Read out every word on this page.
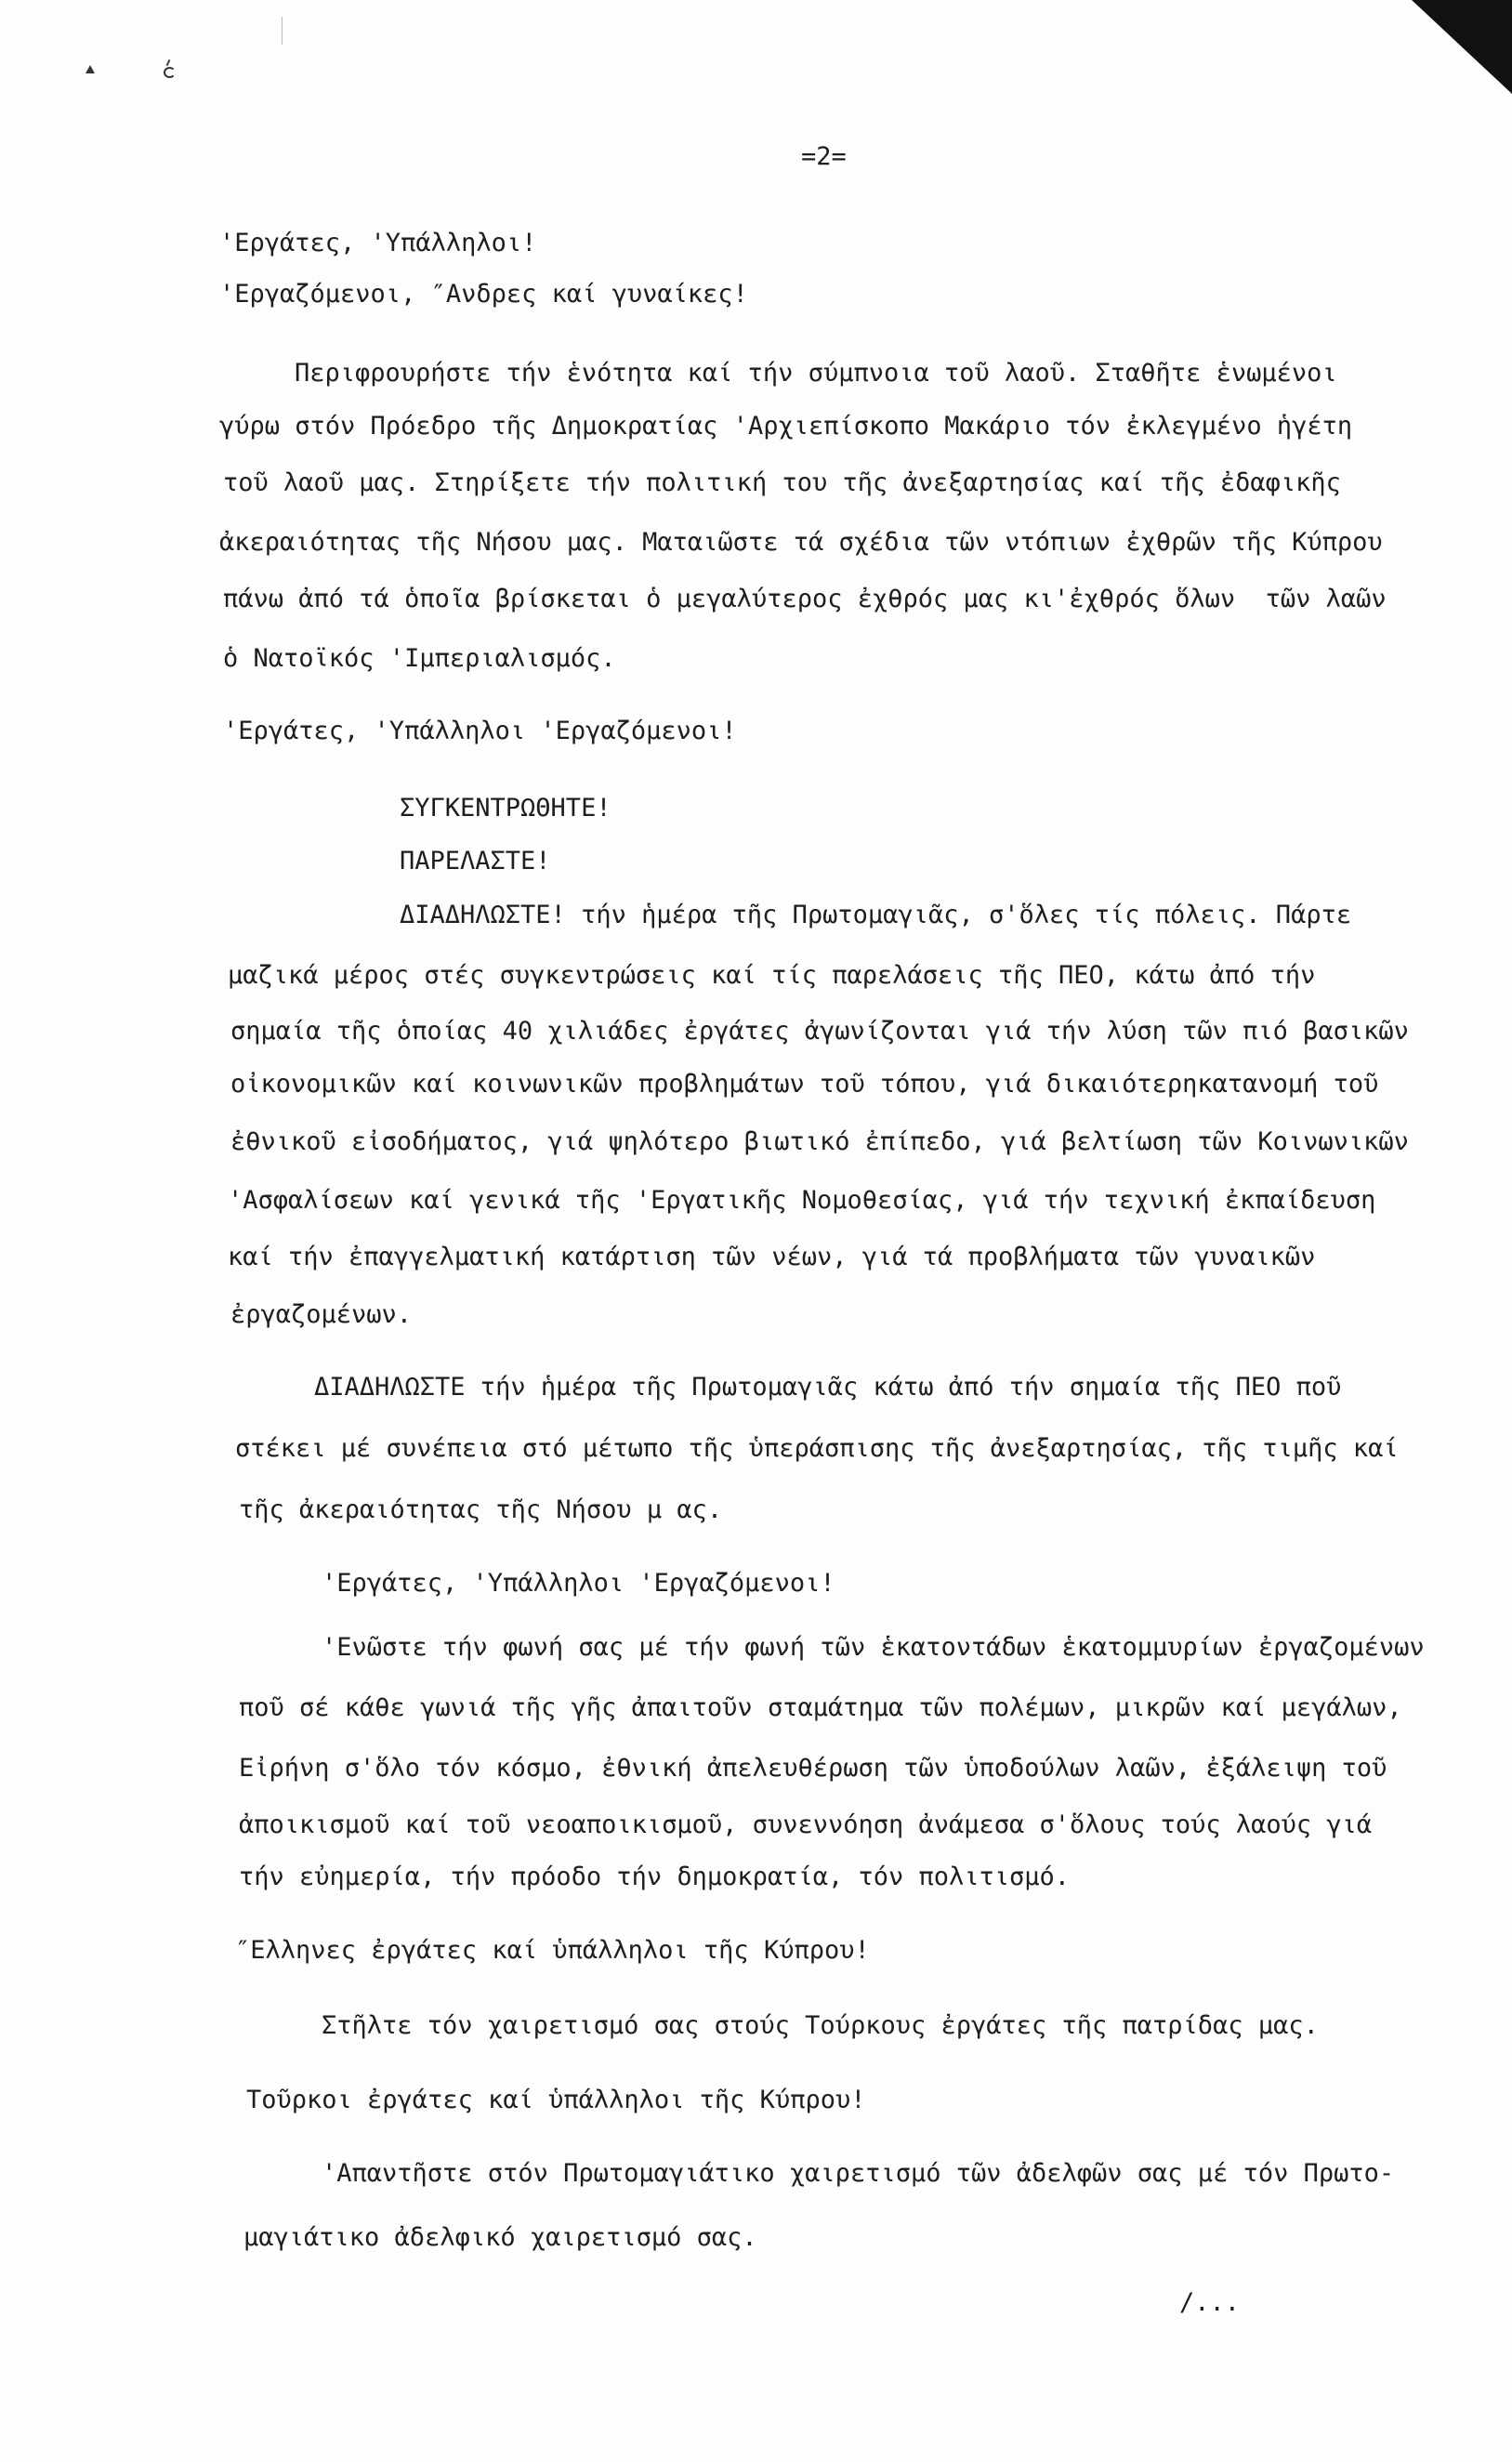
=2=
'Εργάτες, 'Υπάλληλοι!
'Εργαζόμενοι, ″Ανδρες καί γυναίκες!
Περιφρουρήστε τήν ἑνότητα καί τήν σύμπνοια τοῦ λαοῦ. Σταθῆτε ἑνωμένοι
γύρω στόν Πρόεδρο τῆς Δημοκρατίας 'Αρχιεπίσκοπο Μακάριο τόν ἐκλεγμένο ἡγέτη
τοῦ λαοῦ μας. Στηρίξετε τήν πολιτική του τῆς ἀνεξαρτησίας καί τῆς ἐδαφικῆς
ἀκεραιότητας τῆς Νήσου μας. Ματαιῶστε τά σχέδια τῶν ντόπιων ἐχθρῶν τῆς Κύπρου
πάνω ἀπό τά ὁποῖα βρίσκεται ὁ μεγαλύτερος ἐχθρός μας κι'ἐχθρός ὅλων  τῶν λαῶν
ὁ Νατοϊκός 'Ιμπεριαλισμός.
'Εργάτες, 'Υπάλληλοι 'Εργαζόμενοι!
ΣΥΓΚΕΝΤΡΩΘΗΤΕ!
ΠΑΡΕΛΑΣΤΕ!
ΔΙΑΔΗΛΩΣΤΕ! τήν ἡμέρα τῆς Πρωτομαγιᾶς, σ'ὅλες τίς πόλεις. Πάρτε
μαζικά μέρος στές συγκεντρώσεις καί τίς παρελάσεις τῆς ΠΕΟ, κάτω ἀπό τήν
σημαία τῆς ὁποίας 40 χιλιάδες ἐργάτες ἀγωνίζονται γιά τήν λύση τῶν πιό βασικῶν
οἰκονομικῶν καί κοινωνικῶν προβλημάτων τοῦ τόπου, γιά δικαιότερηκατανομή τοῦ
ἐθνικοῦ εἰσοδήματος, γιά ψηλότερο βιωτικό ἐπίπεδο, γιά βελτίωση τῶν Κοινωνικῶν
'Ασφαλίσεων καί γενικά τῆς 'Εργατικῆς Νομοθεσίας, γιά τήν τεχνική ἐκπαίδευση
καί τήν ἐπαγγελματική κατάρτιση τῶν νέων, γιά τά προβλήματα τῶν γυναικῶν
ἐργαζομένων.
ΔΙΑΔΗΛΩΣΤΕ τήν ἡμέρα τῆς Πρωτομαγιᾶς κάτω ἀπό τήν σημαία τῆς ΠΕΟ ποῦ
στέκει μέ συνέπεια στό μέτωπο τῆς ὑπεράσπισης τῆς ἀνεξαρτησίας, τῆς τιμῆς καί
τῆς ἀκεραιότητας τῆς Νήσου μ ας.
'Εργάτες, 'Υπάλληλοι 'Εργαζόμενοι!
'Ενῶστε τήν φωνή σας μέ τήν φωνή τῶν ἑκατοντάδων ἑκατομμυρίων ἐργαζομένων
ποῦ σέ κάθε γωνιά τῆς γῆς ἀπαιτοῦν σταμάτημα τῶν πολέμων, μικρῶν καί μεγάλων,
Εἰρήνη σ'ὅλο τόν κόσμο, ἐθνική ἀπελευθέρωση τῶν ὑποδούλων λαῶν, ἐξάλειψη τοῦ
ἀποικισμοῦ καί τοῦ νεοαποικισμοῦ, συνεννόηση ἀνάμεσα σ'ὅλους τούς λαούς γιά
τήν εὐημερία, τήν πρόοδο τήν δημοκρατία, τόν πολιτισμό.
″Ελληνες ἐργάτες καί ὑπάλληλοι τῆς Κύπρου!
Στῆλτε τόν χαιρετισμό σας στούς Τούρκους ἐργάτες τῆς πατρίδας μας.
Τοῦρκοι ἐργάτες καί ὑπάλληλοι τῆς Κύπρου!
'Απαντῆστε στόν Πρωτομαγιάτικο χαιρετισμό τῶν ἀδελφῶν σας μέ τόν Πρωτο-
μαγιάτικο ἀδελφικό χαιρετισμό σας.
/...
